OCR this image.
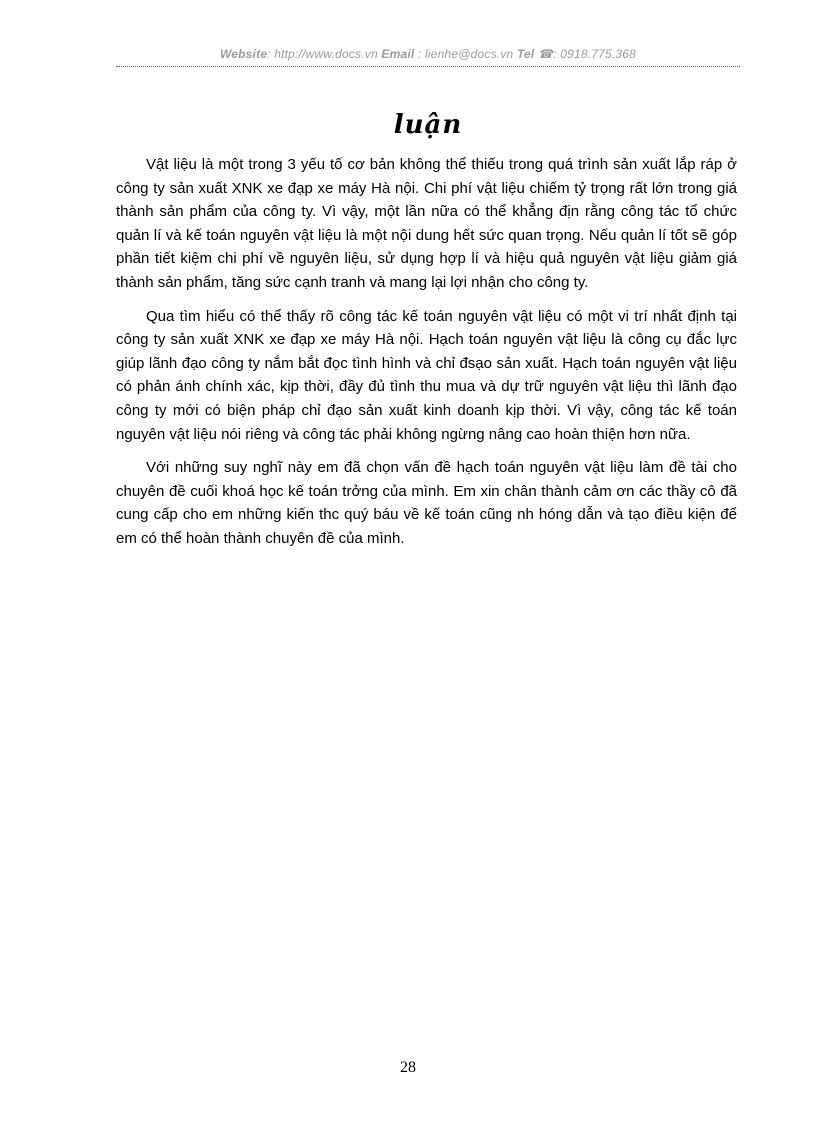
Website: http://www.docs.vn Email : lienhe@docs.vn Tel ☎: 0918.775.368
luận

Vật liệu là một trong 3 yếu tố cơ bản không thể thiếu trong quá trình sản xuất lắp ráp ở công ty sản xuất XNK xe đạp xe máy Hà nội. Chi phí vật liệu chiếm tỷ trọng rất lớn trong giá thành sản phẩm của công ty. Vì vậy, một lần nữa có thể khẳng địn rằng công tác tổ chức quản lí và kế toán nguyên vật liệu là một nội dung hết sức quan trọng. Nếu quản lí tốt sẽ góp phần tiết kiệm chi phí về nguyên liệu, sử dụng hợp lí và hiệu quả nguyên vật liệu giảm giá thành sản phẩm, tăng sức cạnh tranh và mang lại lợi nhận cho công ty.

Qua tìm hiểu có thể thấy rõ công tác kế toán nguyên vật liệu có một vi trí nhất định tại công ty sản xuất XNK xe đạp xe máy Hà nội. Hạch toán nguyên vật liệu là công cụ đắc lực giúp lãnh đạo công ty nắm bắt đọc tình hình và chỉ đsạo sản xuất. Hạch toán nguyên vật liệu có phản ánh chính xác, kịp thời, đầy đủ tình thu mua và dự trữ nguyên vật liệu thì lãnh đạo công ty mới có biện pháp chỉ đạo sản xuất kinh doanh kịp thời. Vì vậy, công tác kế toán nguyên vật liệu nói riêng và công tác phải không ngừng nâng cao hoàn thiện hơn nữa.

Với những suy nghĩ này em đã chọn vấn đề hạch toán nguyên vật liệu làm đề tài cho chuyên đề cuối khoá học kế toán trởng của mình. Em xin chân thành cảm ơn các thầy cô đã cung cấp cho em những kiến thc quý báu về kế toán cũng nh hóng dẫn và tạo điều kiện để em có thể hoàn thành chuyên đề của mình.

28
